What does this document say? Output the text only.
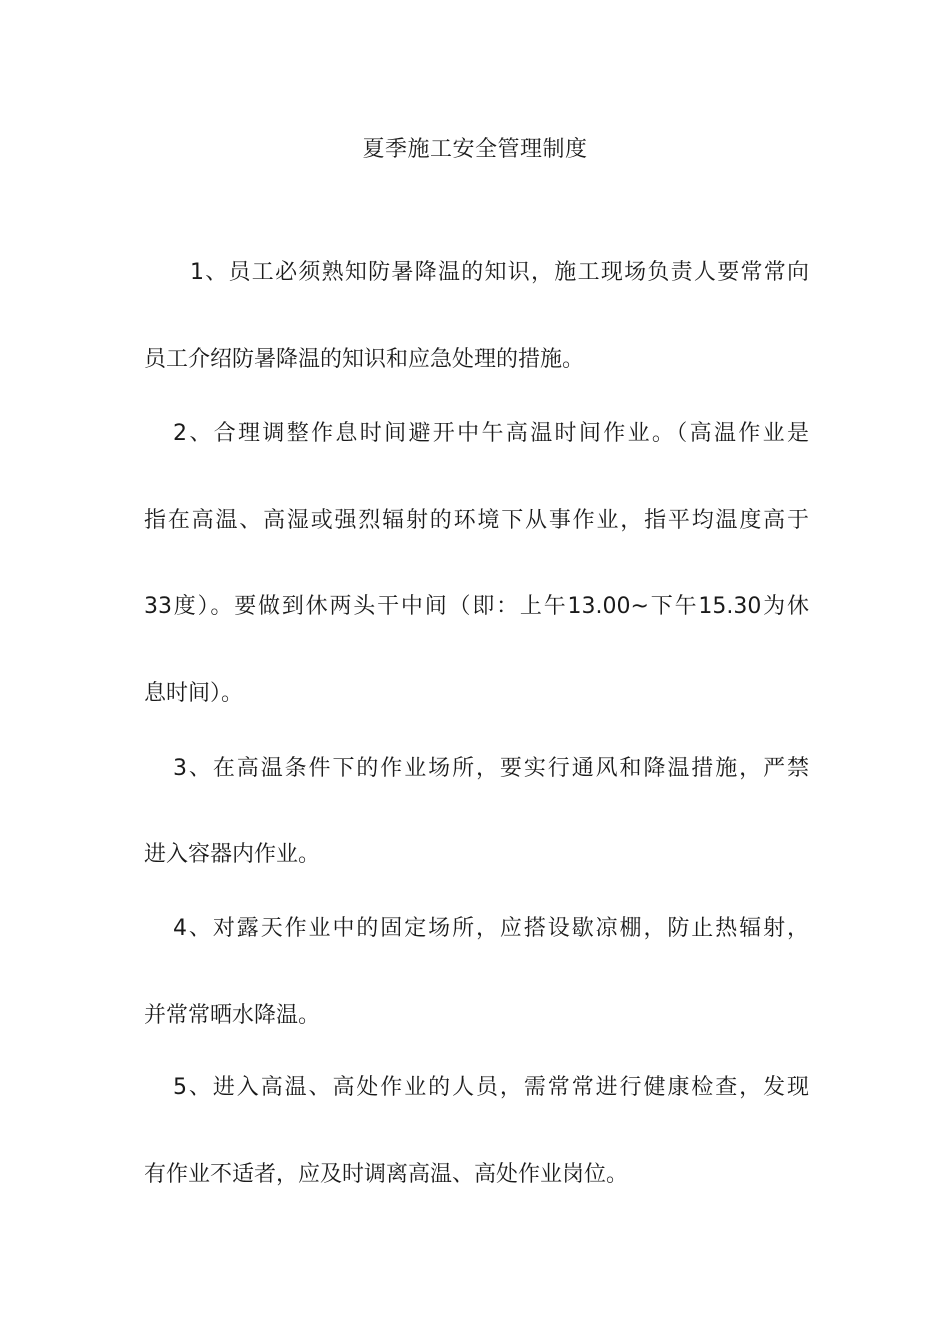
夏季施工安全管理制度
1、员工必须熟知防暑降温的知识，施工现场负责人要常常向
员工介绍防暑降温的知识和应急处理的措施。
2、合理调整作息时间避开中午高温时间作业。（高温作业是
指在高温、高湿或强烈辐射的环境下从事作业，指平均温度高于
33度）。要做到休两头干中间（即：上午13.00~下午15.30为休
息时间）。
3、在高温条件下的作业场所，要实行通风和降温措施，严禁
进入容器内作业。
4、对露天作业中的固定场所，应搭设歇凉棚，防止热辐射，
并常常晒水降温。
5、进入高温、高处作业的人员，需常常进行健康检查，发现
有作业不适者，应及时调离高温、高处作业岗位。
